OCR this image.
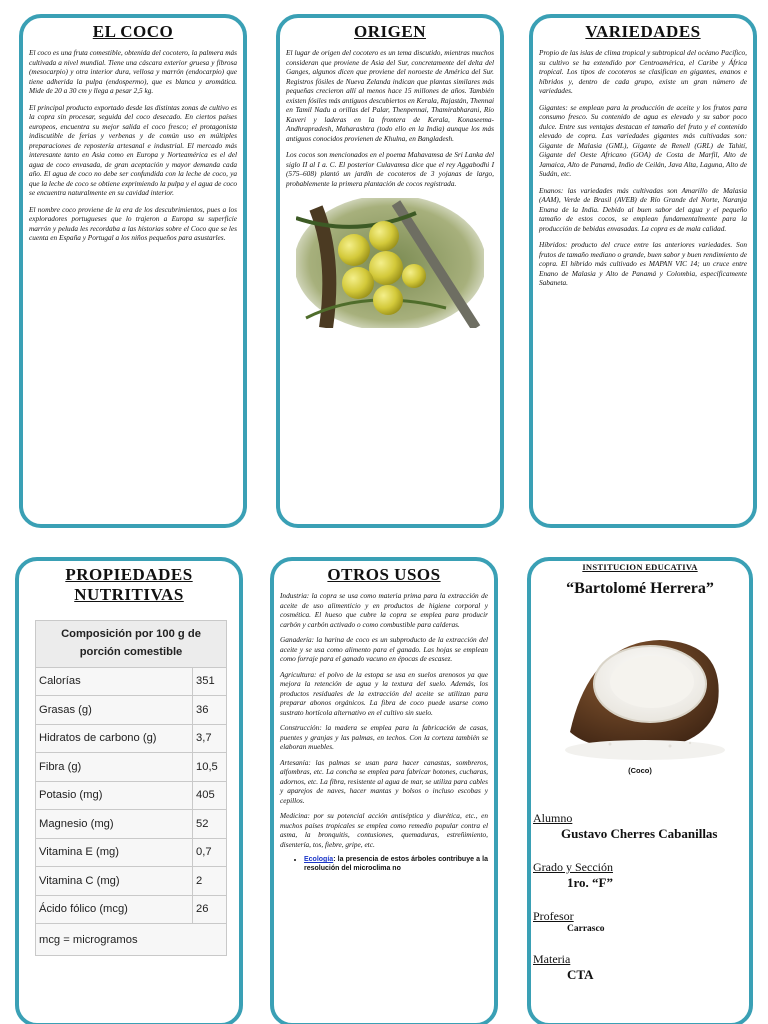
EL COCO

El coco es una fruta comestible, obtenida del cocotero, la palmera más cultivada a nivel mundial. Tiene una cáscara exterior gruesa y fibrosa (mesocarpio) y otra interior dura, vellosa y marrón (endocarpio) que tiene adherida la pulpa (endospermo), que es blanca y aromática. Mide de 20 a 30 cm y llega a pesar 2,5 kg.

El principal producto exportado desde las distintas zonas de cultivo es la copra sin procesar, seguida del coco desecado. En ciertos países europeos, encuentra su mejor salida el coco fresco; el protagonista indiscutible de ferias y verbenas y de común uso en múltiples preparaciones de repostería artesanal e industrial. El mercado más interesante tanto en Asia como en Europa y Norteamérica es el del agua de coco envasada, de gran aceptación y mayor demanda cada año. El agua de coco no debe ser confundida con la leche de coco, ya que la leche de coco se obtiene exprimiendo la pulpa y el agua de coco se encuentra naturalmente en su cavidad interior.

El nombre coco proviene de la era de los descubrimientos, pues a los exploradores portugueses que lo trajeron a Europa su superficie marrón y peluda les recordaba a las historias sobre el Coco que se les cuenta en España y Portugal a los niños pequeños para asustarles.

ORIGEN

El lugar de origen del cocotero es un tema discutido, mientras muchos consideran que proviene de Asia del Sur, concretamente del delta del Ganges, algunos dicen que proviene del noroeste de América del Sur. Registros fósiles de Nueva Zelanda indican que plantas similares más pequeñas crecieron allí al menos hace 15 millones de años. También existen fósiles más antiguos descubiertos en Kerala, Rajastán, Thennai en Tamil Nadu a orillas del Palar, Thenpennai, Thamirabharani, Río Kaveri y laderas en la frontera de Kerala, Konaseema-Andhrapradesh, Maharashtra (todo ello en la India) aunque los más antiguos conocidos provienen de Khulna, en Bangladesh.

Los cocos son mencionados en el poema Mahavamsa de Sri Lanka del siglo II al I a. C. El posterior Culavamsa dice que el rey Aggabodhi I (575–608) plantó un jardín de cocoteros de 3 yojanas de largo, probablemente la primera plantación de cocos registrada.

VARIEDADES

Propio de las islas de clima tropical y subtropical del océano Pacífico, su cultivo se ha extendido por Centroamérica, el Caribe y África tropical. Los tipos de cocoteros se clasifican en gigantes, enanos e híbridos y, dentro de cada grupo, existe un gran número de variedades.

Gigantes: se emplean para la producción de aceite y los frutos para consumo fresco. Su contenido de agua es elevado y su sabor poco dulce. Entre sus ventajas destacan el tamaño del fruto y el contenido elevado de copra. Las variedades gigantes más cultivadas son: Gigante de Malasia (GML), Gigante de Renell (GRL) de Tahití, Gigante del Oeste Africano (GOA) de Costa de Marfil, Alto de Jamaica, Alto de Panamá, Indio de Ceilán, Java Alta, Laguna, Alto de Sudán, etc.

Enanos: las variedades más cultivadas son Amarillo de Malasia (AAM), Verde de Brasil (AVEB) de Río Grande del Norte, Naranja Enana de la India. Debido al buen sabor del agua y el pequeño tamaño de estos cocos, se emplean fundamentalmente para la producción de bebidas envasadas. La copra es de mala calidad.

Híbridos: producto del cruce entre las anteriores variedades. Son frutos de tamaño mediano o grande, buen sabor y buen rendimiento de copra. El híbrido más cultivado es MAPAN VIC 14; un cruce entre Enano de Malasia y Alto de Panamá y Colombia, específicamente Sabaneta.

PROPIEDADES NUTRITIVAS
Composición por 100 g de porción comestible	
Calorías	351
Grasas (g)	36
Hidratos de carbono (g)	3,7
Fibra (g)	10,5
Potasio (mg)	405
Magnesio (mg)	52
Vitamina E (mg)	0,7
Vitamina C (mg)	2
Ácido fólico (mcg)	26
mcg = microgramos	
OTROS USOS
Industria: la copra se usa como materia prima para la extracción de aceite de uso alimenticio y en productos de higiene corporal y cosmética. El hueso que cubre la copra se emplea para producir carbón y carbón activado o como combustible para calderas.
Ganadería: la harina de coco es un subproducto de la extracción del aceite y se usa como alimento para el ganado. Las hojas se emplean como forraje para el ganado vacuno en épocas de escasez.
Agricultura: el polvo de la estopa se usa en suelos arenosos ya que mejora la retención de agua y la textura del suelo. Además, los productos residuales de la extracción del aceite se utilizan para preparar abonos orgánicos. La fibra de coco puede usarse como sustrato hortícola alternativo en el cultivo sin suelo.
Construcción: la madera se emplea para la fabricación de casas, puentes y granjas y las palmas, en techos. Con la corteza también se elaboran muebles.
Artesanía: las palmas se usan para hacer canastas, sombreros, alfombras, etc. La concha se emplea para fabricar botones, cucharas, adornos, etc. La fibra, resistente al agua de mar, se utiliza para cables y aparejos de naves, hacer mantas y bolsos o incluso escobas y cepillos.
Medicina: por su potencial acción antiséptica y diurética, etc., en muchos países tropicales se emplea como remedio popular contra el asma, la bronquitis, contusiones, quemaduras, estreñimiento, disentería, tos, fiebre, gripe, etc.
• Ecología: la presencia de estos árboles contribuye a la resolución del microclima no
INSTITUCION EDUCATIVA
“Bartolomé Herrera”
(Coco)
Alumno
Gustavo Cherres Cabanillas
Grado y Sección
1ro. “F”
Profesor
Carrasco
Materia
CTA
